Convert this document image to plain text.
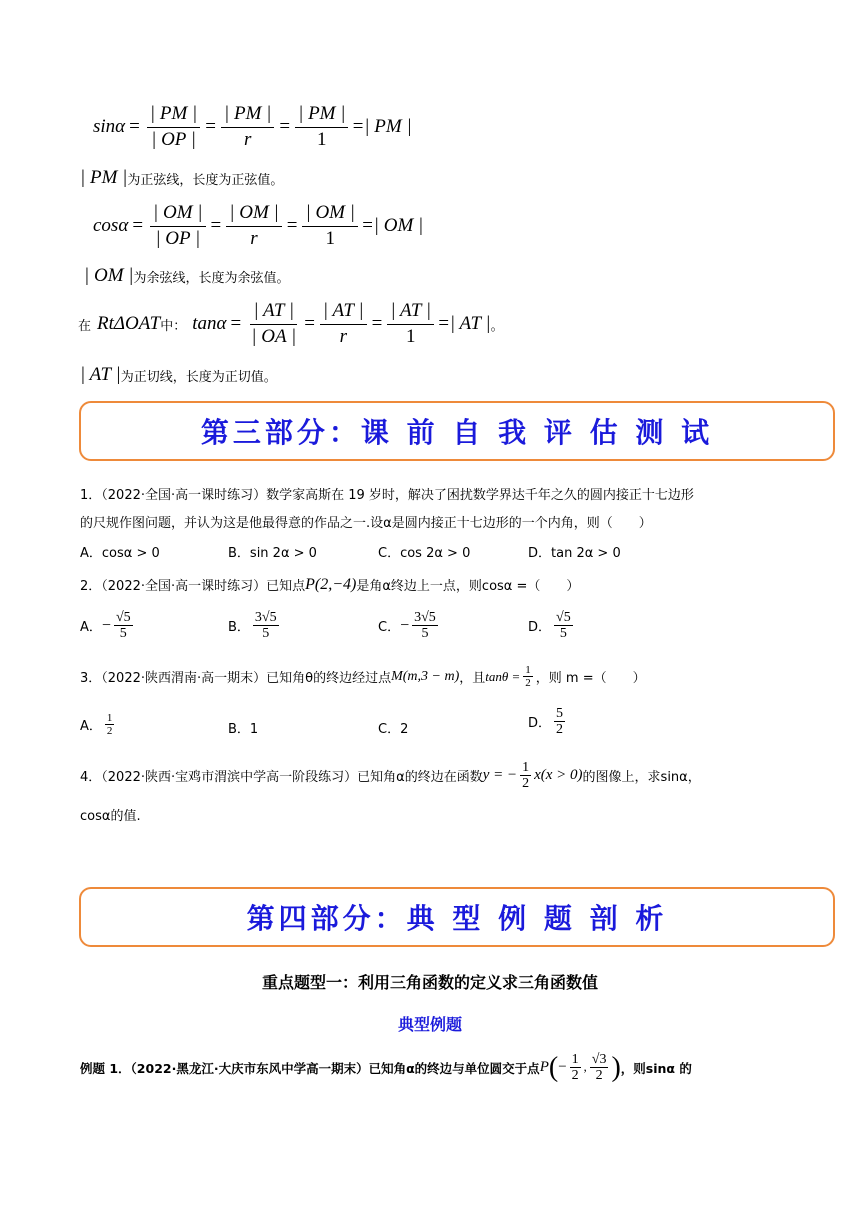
$\sin\alpha = \frac{| PM |}{| OP |} = \frac{| PM |}{r} = \frac{| PM |}{1}$ =| PM |
| PM | 为正弦线，长度为正弦值。
$\cos\alpha = \frac{| OM |}{| OP |} = \frac{| OM |}{r} = \frac{| OM |}{1}$ =| OM |
| OM | 为余弦线，长度为余弦值。
在 RtΔOAT 中： $\tan\alpha = \frac{| AT |}{| OA |} = \frac{| AT |}{r} = \frac{| AT |}{1}$ =| AT | 。
| AT | 为正切线，长度为正切值。
第三部分：课 前 自 我 评 估 测 试
1．（2022·全国·高一课时练习）数学家高斯在 19 岁时，解决了困扰数学界达千年之久的圆内接正十七边形
的尺规作图问题，并认为这是他最得意的作品之一.设α是圆内接正十七边形的一个内角，则（　　）
A．cosα > 0	B．sin 2α > 0	C．cos 2α > 0	D．tan 2α > 0
2．（2022·全国·高一课时练习）已知点 P(2,−4) 是角α终边上一点，则cosα =（　　）
A． − $\frac{√5}{5}$	B． $\frac{3√5}{5}$	C． − $\frac{3√5}{5}$	D． $\frac{√5}{5}$
3．（2022·陕西渭南·高一期末）已知角θ的终边经过点 M(m,3 − m) ，且 $\tan\theta = \frac{1}{2}$ ，则 m =（　　）
A． $\frac{1}{2}$	B．1	C．2	D． $\frac{5}{2}$
4．（2022·陕西·宝鸡市渭滨中学高一阶段练习）已知角α的终边在函数 y = − $\frac{1}{2} x(x > 0)$ 的图像上，求sinα，
cosα的值.
第四部分：典 型 例 题 剖 析
重点题型一：利用三角函数的定义求三角函数值
典型例题
例题 1．（2022·黑龙江·大庆市东风中学高一期末）已知角α的终边与单位圆交于点 P ( − $\frac{1}{2}$ , $\frac{√3}{2}$ ) ，则sinα 的
